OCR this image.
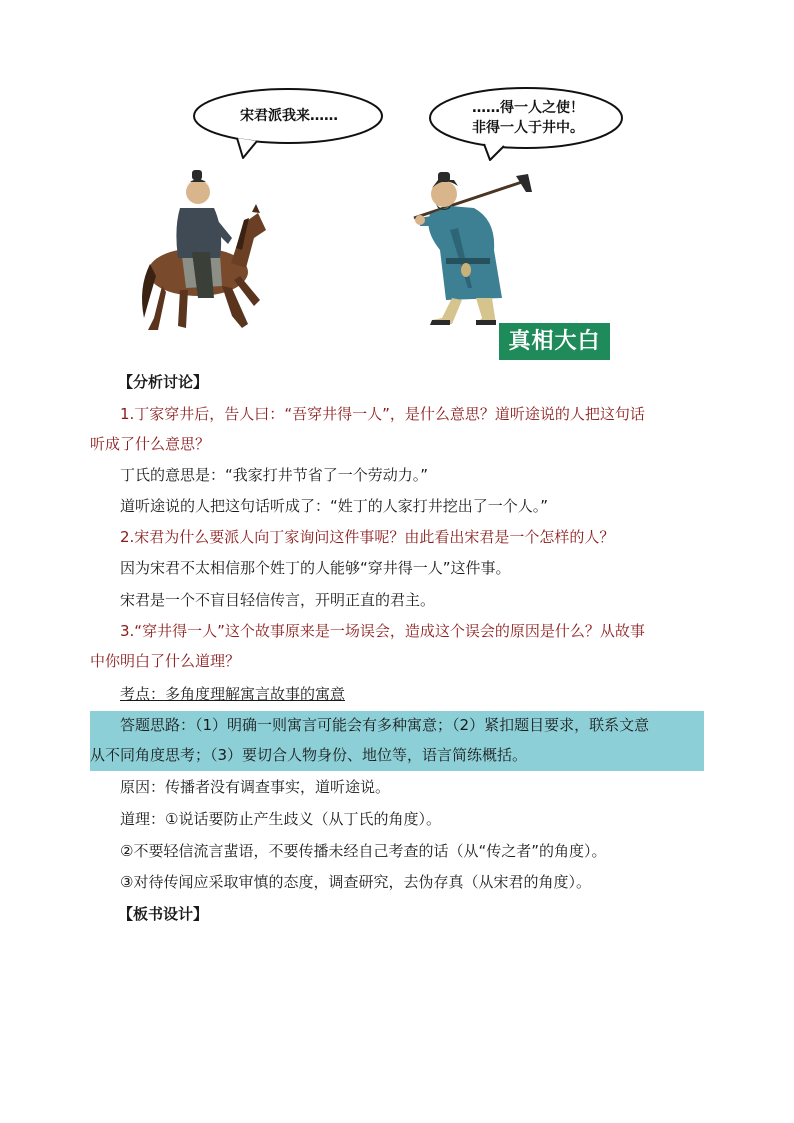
宋君派我来……	……得一人之使！
非得一人于井中。
真相大白
【分析讨论】
1.丁家穿井后，告人曰：“吾穿井得一人”，是什么意思？道听途说的人把这句话
听成了什么意思？
丁氏的意思是：“我家打井节省了一个劳动力。”
道听途说的人把这句话听成了：“姓丁的人家打井挖出了一个人。”
2.宋君为什么要派人向丁家询问这件事呢？由此看出宋君是一个怎样的人？
因为宋君不太相信那个姓丁的人能够“穿井得一人”这件事。
宋君是一个不盲目轻信传言，开明正直的君主。
3.“穿井得一人”这个故事原来是一场误会，造成这个误会的原因是什么？从故事
中你明白了什么道理？
考点：多角度理解寓言故事的寓意
答题思路：（1）明确一则寓言可能会有多种寓意；（2）紧扣题目要求，联系文意
从不同角度思考；（3）要切合人物身份、地位等，语言简练概括。
原因：传播者没有调查事实，道听途说。
道理：①说话要防止产生歧义（从丁氏的角度）。
②不要轻信流言蜚语，不要传播未经自己考查的话（从“传之者”的角度）。
③对待传闻应采取审慎的态度，调查研究，去伪存真（从宋君的角度）。
【板书设计】
